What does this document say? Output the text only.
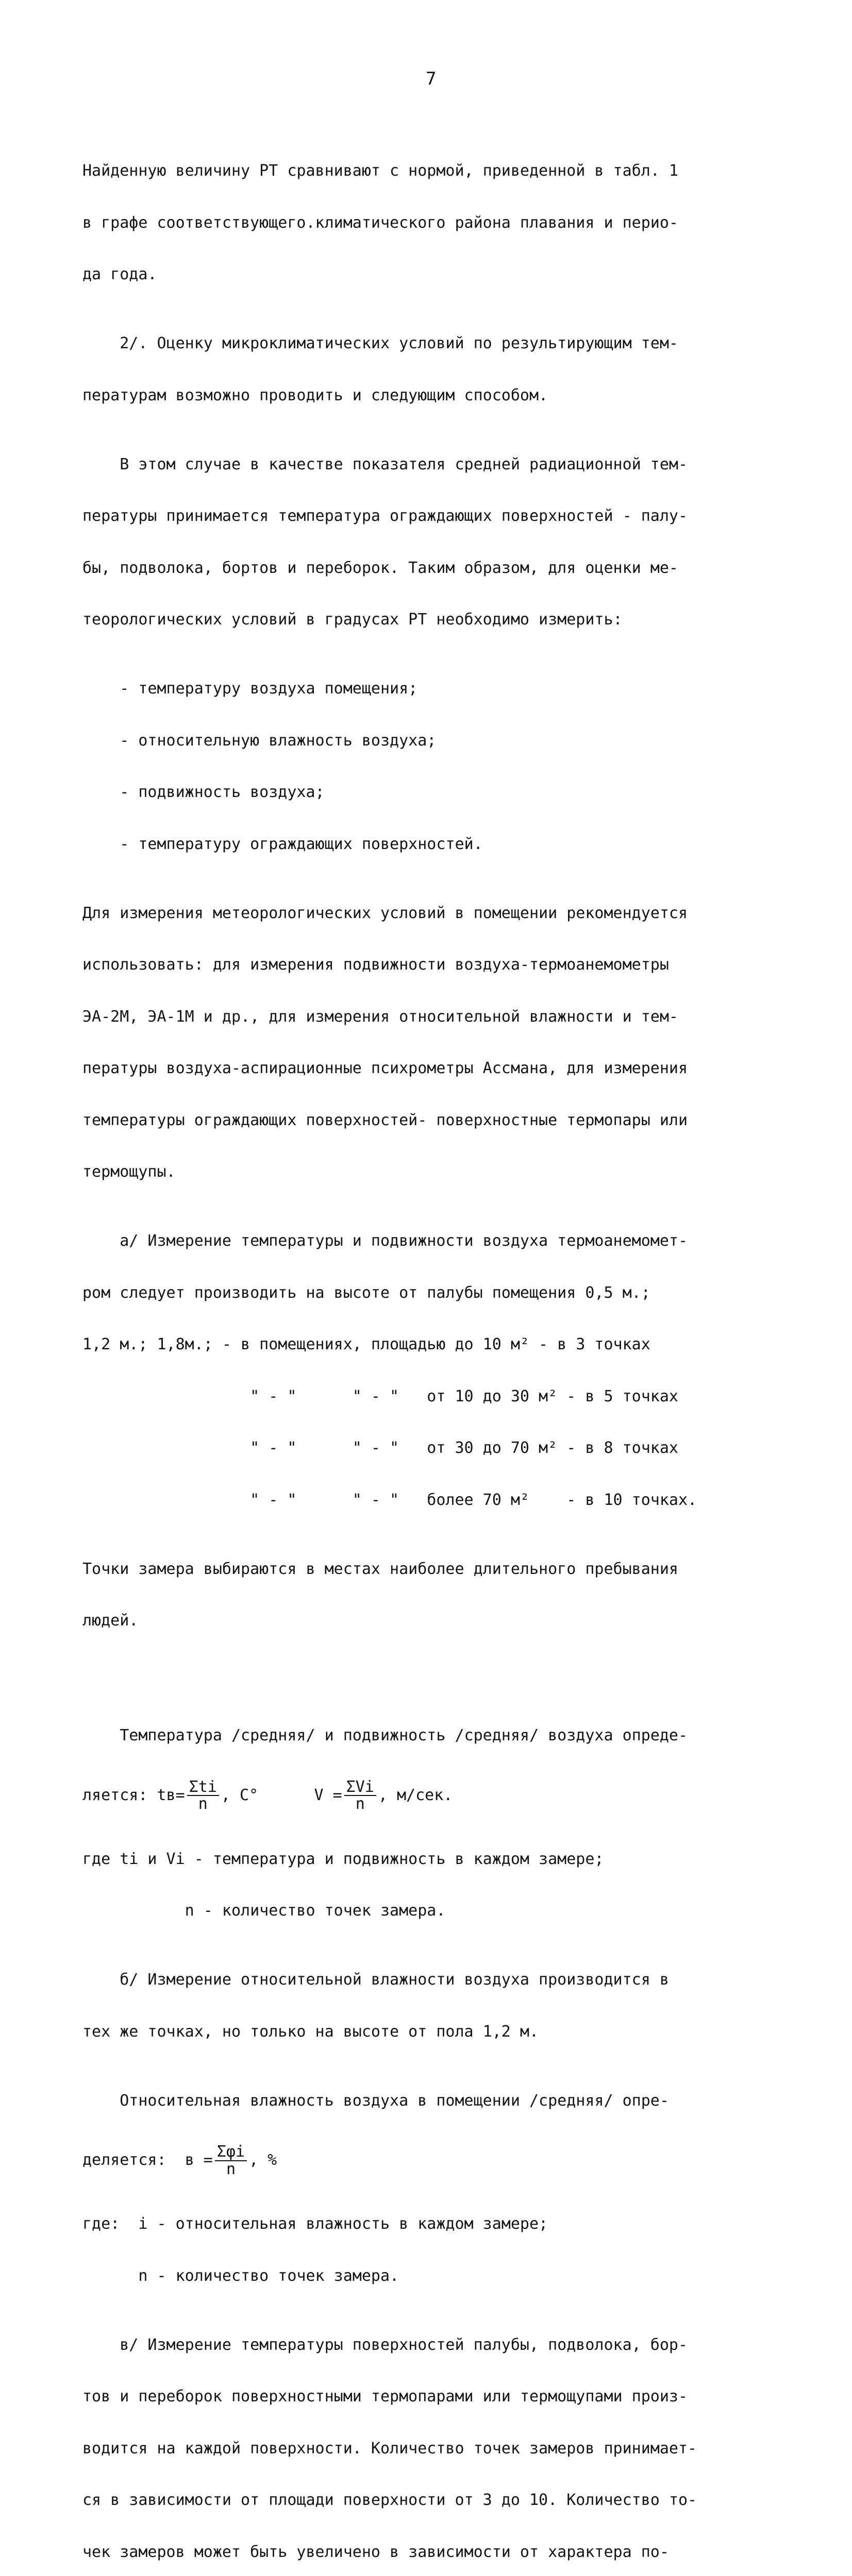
7

Найденную величину РТ сравнивают с нормой, приведенной в табл. 1

в графе соответствующего.климатического района плавания и перио-

да года.

2/. Оценку микроклиматических условий по результирующим тем-

пературам возможно проводить и следующим способом.

В этом случае в качестве показателя средней радиационной тем-

пературы принимается температура ограждающих поверхностей - палу-

бы, подволока, бортов и переборок. Таким образом, для оценки ме-

теорологических условий в градусах РТ необходимо измерить:

- температуру воздуха помещения;

- относительную влажность воздуха;

- подвижность воздуха;

- температуру ограждающих поверхностей.

Для измерения метеорологических условий в помещении рекомендуется

использовать: для измерения подвижности воздуха-термоанемометры

ЭА-2М, ЭА-1М и др., для измерения относительной влажности и тем-

пературы воздуха-аспирационные психрометры Ассмана, для измерения

температуры ограждающих поверхностей- поверхностные термопары или

термощупы.

а/ Измерение температуры и подвижности воздуха термоанемомет-

ром следует производить на высоте от палубы помещения 0,5 м.;

1,2 м.; 1,8м.; - в помещениях, площадью до 10 м² - в 3 точках

" - "      " - "   от 10 до 30 м² - в 5 точках

" - "      " - "   от 30 до 70 м² - в 8 точках

" - "      " - "   более 70 м²    - в 10 точках.

Точки замера выбираются в местах наиболее длительного пребывания

людей.

Температура /средняя/ и подвижность /средняя/ воздуха опреде-

ляется: $tв= \frac{\text{Σti}}{n}$ , C°	$V = \frac{\text{ΣVi}}{n}$ , м/сек.

где ti и Vi - температура и подвижность в каждом замере;

n - количество точек замера.

б/ Измерение относительной влажности воздуха производится в

тех же точках, но только на высоте от пола 1,2 м.

Относительная влажность воздуха в помещении /средняя/ опре-

деляется:  $в = \frac{\text{Σφi}}{n}$ , %

где:  i - относительная влажность в каждом замере;

n - количество точек замера.

в/ Измерение температуры поверхностей палубы, подволока, бор-

тов и переборок поверхностными термопарами или термощупами произ-

водится на каждой поверхности. Количество точек замеров принимает-

ся в зависимости от площади поверхности от 3 до 10. Количество то-

чек замеров может быть увеличено в зависимости от характера по-
